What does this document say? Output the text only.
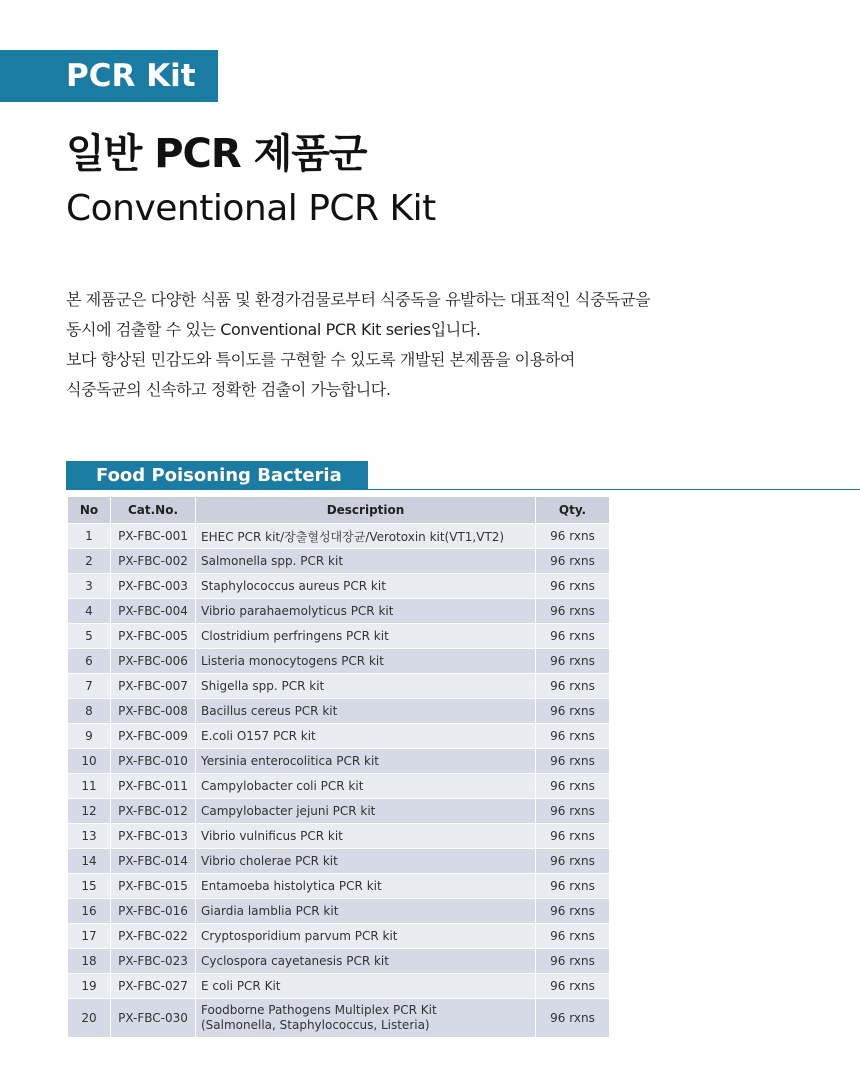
PCR Kit
일반 PCR 제품군
Conventional PCR Kit
본 제품군은 다양한 식품 및 환경가검물로부터 식중독을 유발하는 대표적인 식중독균을
동시에 검출할 수 있는 Conventional PCR Kit series입니다.
보다 향상된 민감도와 특이도를 구현할 수 있도록 개발된 본제품을 이용하여
식중독균의 신속하고 정확한 검출이 가능합니다.
Food Poisoning Bacteria
No	Cat.No.	Description	Qty.
1	PX-FBC-001	EHEC PCR kit/장출혈성대장균/Verotoxin kit(VT1,VT2)	96 rxns
2	PX-FBC-002	Salmonella spp. PCR kit	96 rxns
3	PX-FBC-003	Staphylococcus aureus PCR kit	96 rxns
4	PX-FBC-004	Vibrio parahaemolyticus PCR kit	96 rxns
5	PX-FBC-005	Clostridium perfringens PCR kit	96 rxns
6	PX-FBC-006	Listeria monocytogens PCR kit	96 rxns
7	PX-FBC-007	Shigella spp. PCR kit	96 rxns
8	PX-FBC-008	Bacillus cereus PCR kit	96 rxns
9	PX-FBC-009	E.coli O157 PCR kit	96 rxns
10	PX-FBC-010	Yersinia enterocolitica PCR kit	96 rxns
11	PX-FBC-011	Campylobacter coli PCR kit	96 rxns
12	PX-FBC-012	Campylobacter jejuni PCR kit	96 rxns
13	PX-FBC-013	Vibrio vulnificus PCR kit	96 rxns
14	PX-FBC-014	Vibrio cholerae PCR kit	96 rxns
15	PX-FBC-015	Entamoeba histolytica PCR kit	96 rxns
16	PX-FBC-016	Giardia lamblia PCR kit	96 rxns
17	PX-FBC-022	Cryptosporidium parvum PCR kit	96 rxns
18	PX-FBC-023	Cyclospora cayetanesis PCR kit	96 rxns
19	PX-FBC-027	E coli PCR Kit	96 rxns
20	PX-FBC-030	Foodborne Pathogens Multiplex PCR Kit
(Salmonella, Staphylococcus, Listeria)	96 rxns
